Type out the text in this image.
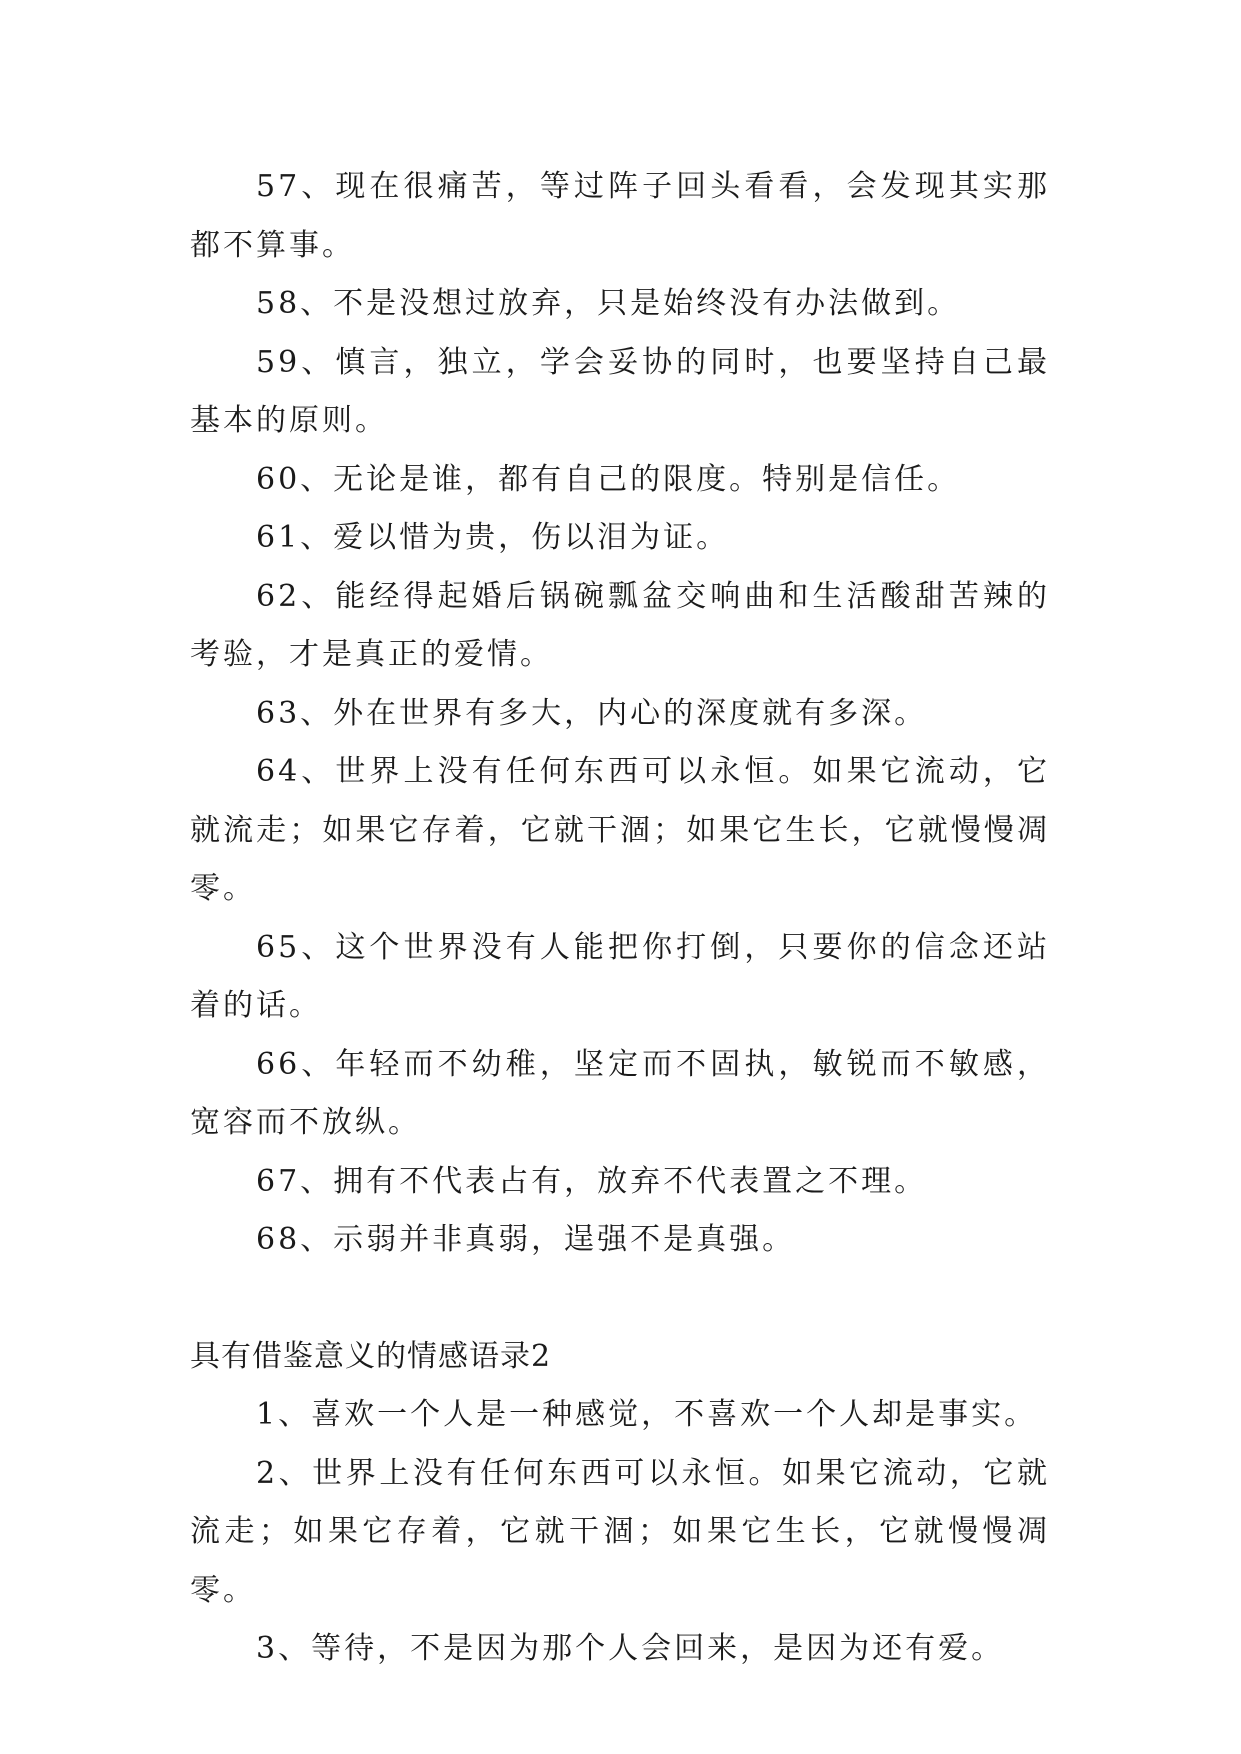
57、现在很痛苦，等过阵子回头看看，会发现其实那都不算事。

58、不是没想过放弃，只是始终没有办法做到。

59、慎言，独立，学会妥协的同时，也要坚持自己最基本的原则。

60、无论是谁，都有自己的限度。特别是信任。

61、爱以惜为贵，伤以泪为证。

62、能经得起婚后锅碗瓢盆交响曲和生活酸甜苦辣的考验，才是真正的爱情。

63、外在世界有多大，内心的深度就有多深。

64、世界上没有任何东西可以永恒。如果它流动，它就流走；如果它存着，它就干涸；如果它生长，它就慢慢凋零。

65、这个世界没有人能把你打倒，只要你的信念还站着的话。

66、年轻而不幼稚，坚定而不固执，敏锐而不敏感，宽容而不放纵。

67、拥有不代表占有，放弃不代表置之不理。

68、示弱并非真弱，逞强不是真强。

具有借鉴意义的情感语录2

1、喜欢一个人是一种感觉，不喜欢一个人却是事实。

2、世界上没有任何东西可以永恒。如果它流动，它就流走；如果它存着，它就干涸；如果它生长，它就慢慢凋零。

3、等待，不是因为那个人会回来，是因为还有爱。
